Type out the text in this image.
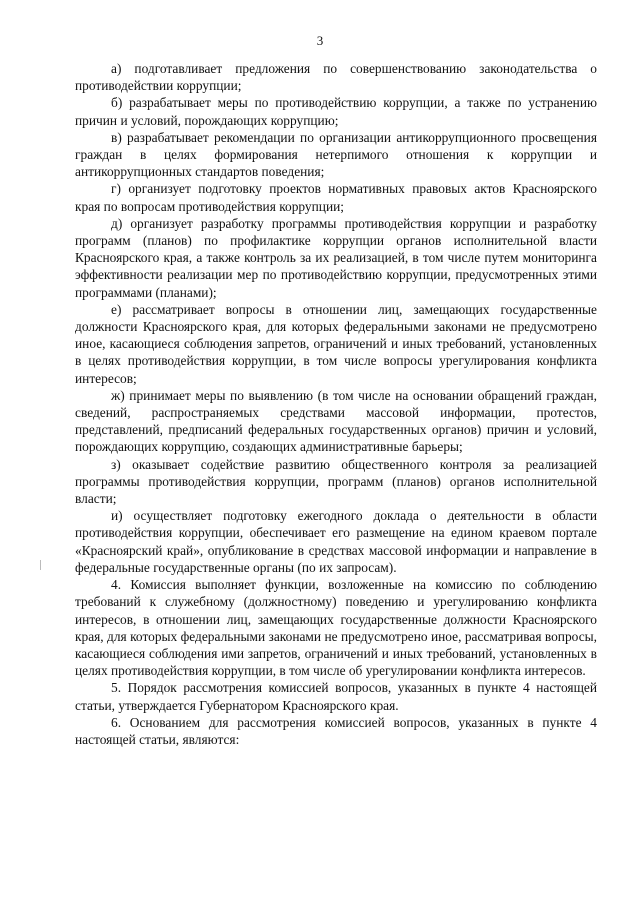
3

а) подготавливает предложения по совершенствованию законодательства о противодействии коррупции;

б) разрабатывает меры по противодействию коррупции, а также по устранению причин и условий, порождающих коррупцию;

в) разрабатывает рекомендации по организации антикоррупционного просвещения граждан в целях формирования нетерпимого отношения к коррупции и антикоррупционных стандартов поведения;

г) организует подготовку проектов нормативных правовых актов Красноярского края по вопросам противодействия коррупции;

д) организует разработку программы противодействия коррупции и разработку программ (планов) по профилактике коррупции органов исполнительной власти Красноярского края, а также контроль за их реализацией, в том числе путем мониторинга эффективности реализации мер по противодействию коррупции, предусмотренных этими программами (планами);

е) рассматривает вопросы в отношении лиц, замещающих государственные должности Красноярского края, для которых федеральными законами не предусмотрено иное, касающиеся соблюдения запретов, ограничений и иных требований, установленных в целях противодействия коррупции, в том числе вопросы урегулирования конфликта интересов;

ж) принимает меры по выявлению (в том числе на основании обращений граждан, сведений, распространяемых средствами массовой информации, протестов, представлений, предписаний федеральных государственных органов) причин и условий, порождающих коррупцию, создающих административные барьеры;

з) оказывает содействие развитию общественного контроля за реализацией программы противодействия коррупции, программ (планов) органов исполнительной власти;

и) осуществляет подготовку ежегодного доклада о деятельности в области противодействия коррупции, обеспечивает его размещение на едином краевом портале «Красноярский край», опубликование в средствах массовой информации и направление в федеральные государственные органы (по их запросам).

4. Комиссия выполняет функции, возложенные на комиссию по соблюдению требований к служебному (должностному) поведению и урегулированию конфликта интересов, в отношении лиц, замещающих государственные должности Красноярского края, для которых федеральными законами не предусмотрено иное, рассматривая вопросы, касающиеся соблюдения ими запретов, ограничений и иных требований, установленных в целях противодействия коррупции, в том числе об урегулировании конфликта интересов.

5. Порядок рассмотрения комиссией вопросов, указанных в пункте 4 настоящей статьи, утверждается Губернатором Красноярского края.

6. Основанием для рассмотрения комиссией вопросов, указанных в пункте 4 настоящей статьи, являются:
